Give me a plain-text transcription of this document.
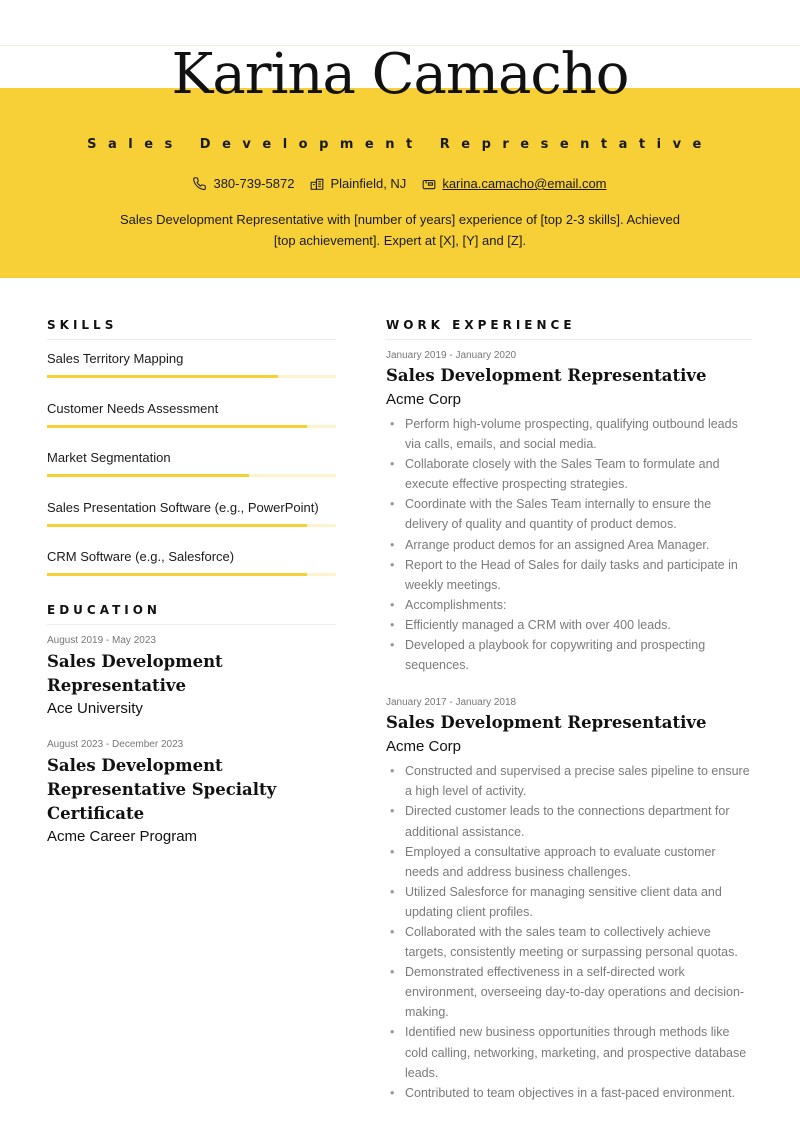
Karina Camacho
Sales Development Representative
380-739-5872	Plainfield, NJ	karina.camacho@email.com

Sales Development Representative with [number of years] experience of [top 2-3 skills]. Achieved [top achievement]. Expert at [X], [Y] and [Z].

SKILLS
Sales Territory Mapping
Customer Needs Assessment
Market Segmentation
Sales Presentation Software (e.g., PowerPoint)
CRM Software (e.g., Salesforce)
EDUCATION
August 2019 - May 2023
Sales Development Representative
Ace University
August 2023 - December 2023
Sales Development Representative Specialty Certificate
Acme Career Program
WORK EXPERIENCE
January 2019 - January 2020
Sales Development Representative
Acme Corp
• Perform high-volume prospecting, qualifying outbound leads via calls, emails, and social media.
• Collaborate closely with the Sales Team to formulate and execute effective prospecting strategies.
• Coordinate with the Sales Team internally to ensure the delivery of quality and quantity of product demos.
• Arrange product demos for an assigned Area Manager.
• Report to the Head of Sales for daily tasks and participate in weekly meetings.
• Accomplishments:
• Efficiently managed a CRM with over 400 leads.
• Developed a playbook for copywriting and prospecting sequences.
January 2017 - January 2018
Sales Development Representative
Acme Corp
• Constructed and supervised a precise sales pipeline to ensure a high level of activity.
• Directed customer leads to the connections department for additional assistance.
• Employed a consultative approach to evaluate customer needs and address business challenges.
• Utilized Salesforce for managing sensitive client data and updating client profiles.
• Collaborated with the sales team to collectively achieve targets, consistently meeting or surpassing personal quotas.
• Demonstrated effectiveness in a self-directed work environment, overseeing day-to-day operations and decision-making.
• Identified new business opportunities through methods like cold calling, networking, marketing, and prospective database leads.
• Contributed to team objectives in a fast-paced environment.
